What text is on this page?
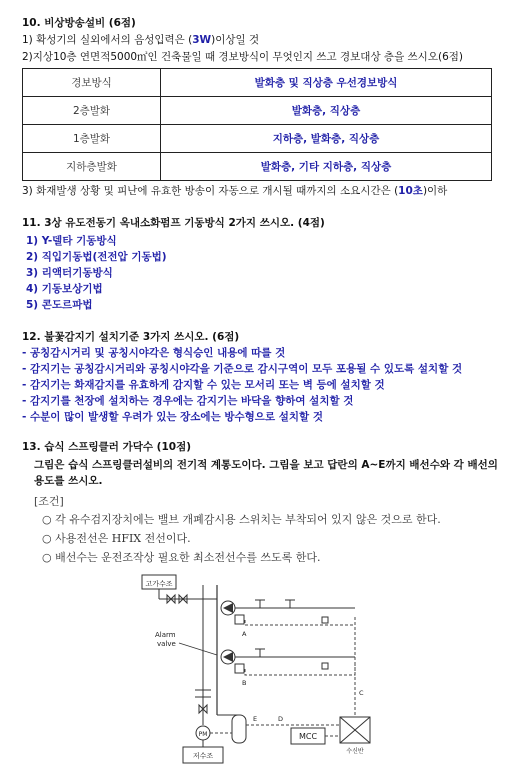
10. 비상방송설비 (6점)
1) 확성기의 실외에서의 음성입력은 (3W)이상일 것
2)지상10층 연면적5000㎡인 건축물일 때 경보방식이 무엇인지 쓰고 경보대상 층을 쓰시오(6점)
경보방식	발화층 및 직상층 우선경보방식
2층발화	발화층, 직상층
1층발화	지하층, 발화층, 직상층
지하층발화	발화층, 기타 지하층, 직상층
3) 화재발생 상황 및 피난에 유효한 방송이 자동으로 개시될 때까지의 소요시간은 (10초)이하
11. 3상 유도전동기 옥내소화펌프 기동방식 2가지 쓰시오. (4점)
1) Y-델타 기동방식
2) 직입기동법(전전압 기동법)
3) 리액터기동방식
4) 기동보상기법
5) 콘도르파법
12. 불꽃감지기 설치기준 3가지 쓰시오. (6점)
- 공칭감시거리 및 공칭시야각은 형식승인 내용에 따를 것
- 감지기는 공칭감시거리와 공칭시야각을 기준으로 감시구역이 모두 포용될 수 있도록 설치할 것
- 감지기는 화재감지를 유효하게 감지할 수 있는 모서리 또는 벽 등에 설치할 것
- 감지기를 천장에 설치하는 경우에는 감지기는 바닥을 향하여 설치할 것
- 수분이 많이 발생할 우려가 있는 장소에는 방수형으로 설치할 것
13. 습식 스프링클러 가닥수 (10점)
그림은 습식 스프링클러설비의 전기적 계통도이다. 그림을 보고 답란의 A~E까지 배선수와 각 배선의
용도를 쓰시오.
[조건]
○ 각 유수검지장치에는 밸브 개폐감시용 스위치는 부착되어 있지 않은 것으로 한다.
○ 사용전선은 HFIX 전선이다.
○ 배선수는 운전조작상 필요한 최소전선수를 쓰도록 한다.
고가수조
A
Alarm
valve
B
C
PM
저수조
E	D
MCC
수신반
